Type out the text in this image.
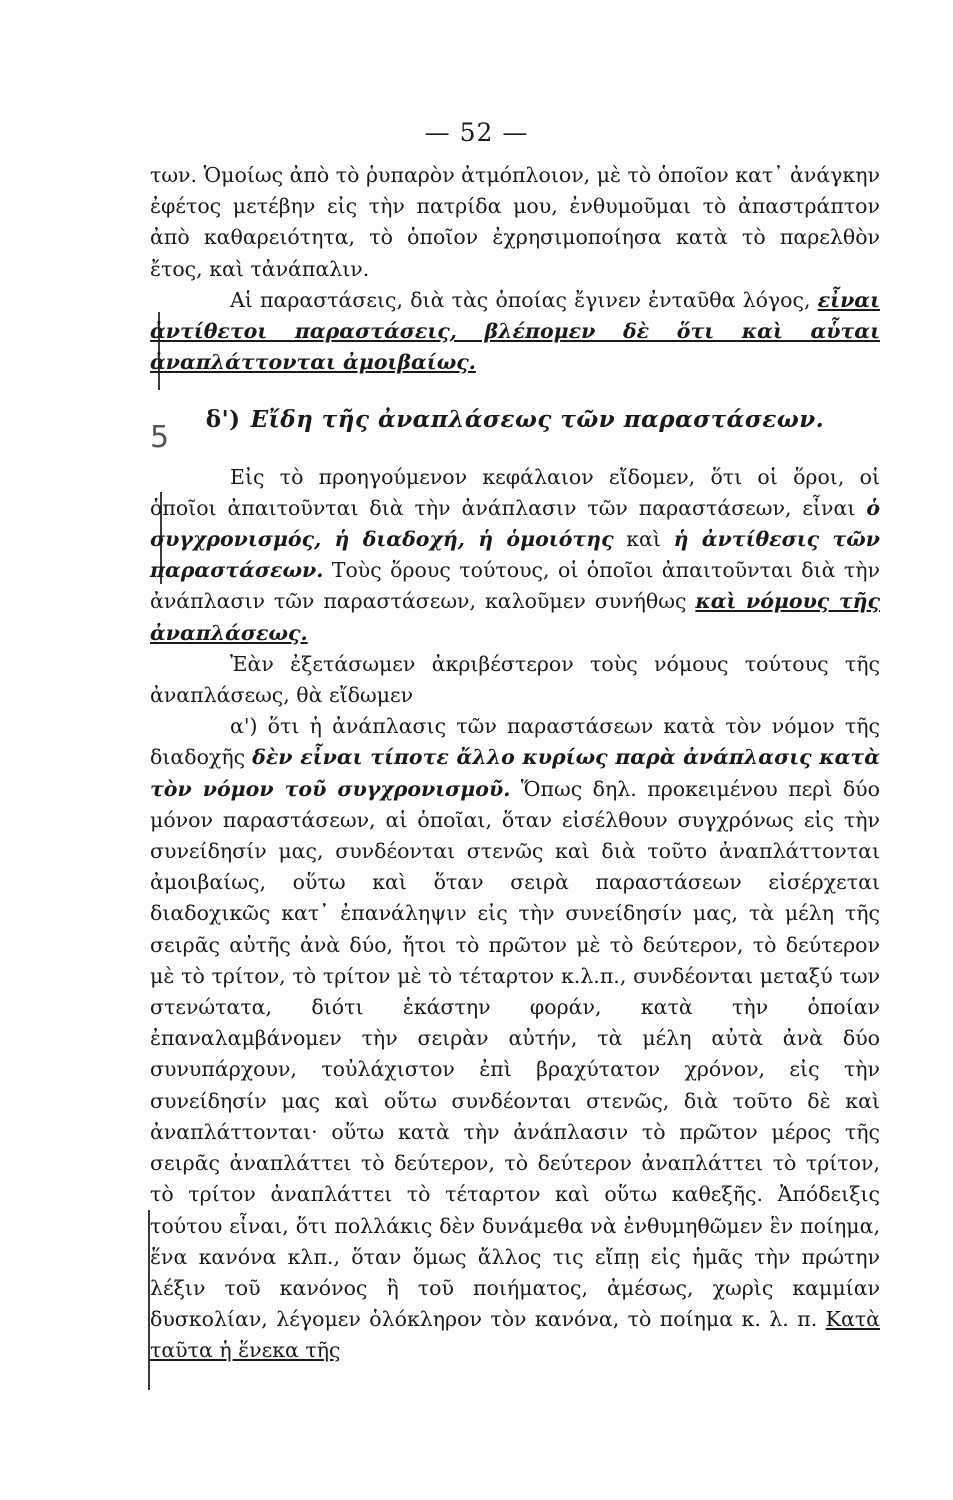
— 52 —
5

των. Ὁμοίως ἀπὸ τὸ ῥυπαρὸν ἀτμόπλοιον, μὲ τὸ ὁποῖον κατ᾽ ἀνάγκην ἐφέτος μετέβην εἰς τὴν πατρίδα μου, ἐνθυμοῦμαι τὸ ἀπαστράπτον ἀπὸ καθαρειότητα, τὸ ὁποῖον ἐχρησιμοποίησα κατὰ τὸ παρελθὸν ἔτος, καὶ τἀνάπαλιν.

Αἱ παραστάσεις, διὰ τὰς ὁποίας ἔγινεν ἐνταῦθα λόγος, εἶναι ἀντίθετοι παραστάσεις, βλέπομεν δὲ ὅτι καὶ αὗται ἀναπλάττονται ἀμοιβαίως.

δ') Εἴδη τῆς ἀναπλάσεως τῶν παραστάσεων.

Εἰς τὸ προηγούμενον κεφάλαιον εἴδομεν, ὅτι οἱ ὅροι, οἱ ὁποῖοι ἀπαιτοῦνται διὰ τὴν ἀνάπλασιν τῶν παραστάσεων, εἶναι ὁ συγχρονισμός, ἡ διαδοχή, ἡ ὁμοιότης καὶ ἡ ἀντίθεσις τῶν παραστάσεων. Τοὺς ὅρους τούτους, οἱ ὁποῖοι ἀπαιτοῦνται διὰ τὴν ἀνάπλασιν τῶν παραστάσεων, καλοῦμεν συνήθως καὶ νόμους τῆς ἀναπλάσεως.

Ἐὰν ἐξετάσωμεν ἀκριβέστερον τοὺς νόμους τούτους τῆς ἀναπλάσεως, θὰ εἴδωμεν

α') ὅτι ἡ ἀνάπλασις τῶν παραστάσεων κατὰ τὸν νόμον τῆς διαδοχῆς δὲν εἶναι τίποτε ἄλλο κυρίως παρὰ ἀνάπλασις κατὰ τὸν νόμον τοῦ συγχρονισμοῦ. Ὅπως δηλ. προκειμένου περὶ δύο μόνον παραστάσεων, αἱ ὁποῖαι, ὅταν εἰσέλθουν συγχρόνως εἰς τὴν συνείδησίν μας, συνδέονται στενῶς καὶ διὰ τοῦτο ἀναπλάττονται ἀμοιβαίως, οὕτω καὶ ὅταν σειρὰ παραστάσεων εἰσέρχεται διαδοχικῶς κατ᾽ ἐπανάληψιν εἰς τὴν συνείδησίν μας, τὰ μέλη τῆς σειρᾶς αὐτῆς ἀνὰ δύο, ἤτοι τὸ πρῶτον μὲ τὸ δεύτερον, τὸ δεύτερον μὲ τὸ τρίτον, τὸ τρίτον μὲ τὸ τέταρτον κ.λ.π., συνδέονται μεταξύ των στενώτατα, διότι ἑκάστην φοράν, κατὰ τὴν ὁποίαν ἐπαναλαμβάνομεν τὴν σειρὰν αὐτήν, τὰ μέλη αὐτὰ ἀνὰ δύο συνυπάρχουν, τοὐλάχιστον ἐπὶ βραχύτατον χρόνον, εἰς τὴν συνείδησίν μας καὶ οὕτω συνδέονται στενῶς, διὰ τοῦτο δὲ καὶ ἀναπλάττονται· οὕτω κατὰ τὴν ἀνάπλασιν τὸ πρῶτον μέρος τῆς σειρᾶς ἀναπλάττει τὸ δεύτερον, τὸ δεύτερον ἀναπλάττει τὸ τρίτον, τὸ τρίτον ἀναπλάττει τὸ τέταρτον καὶ οὕτω καθεξῆς. Ἀπόδειξις τούτου εἶναι, ὅτι πολλάκις δὲν δυνάμεθα νὰ ἐνθυμηθῶμεν ἓν ποίημα, ἕνα κανόνα κλπ., ὅταν ὅμως ἄλλος τις εἴπῃ εἰς ἡμᾶς τὴν πρώτην λέξιν τοῦ κανόνος ἢ τοῦ ποιήματος, ἀμέσως, χωρὶς καμμίαν δυσκολίαν, λέγομεν ὁλόκληρον τὸν κανόνα, τὸ ποίημα κ. λ. π. Κατὰ ταῦτα ἡ ἕνεκα τῆς
